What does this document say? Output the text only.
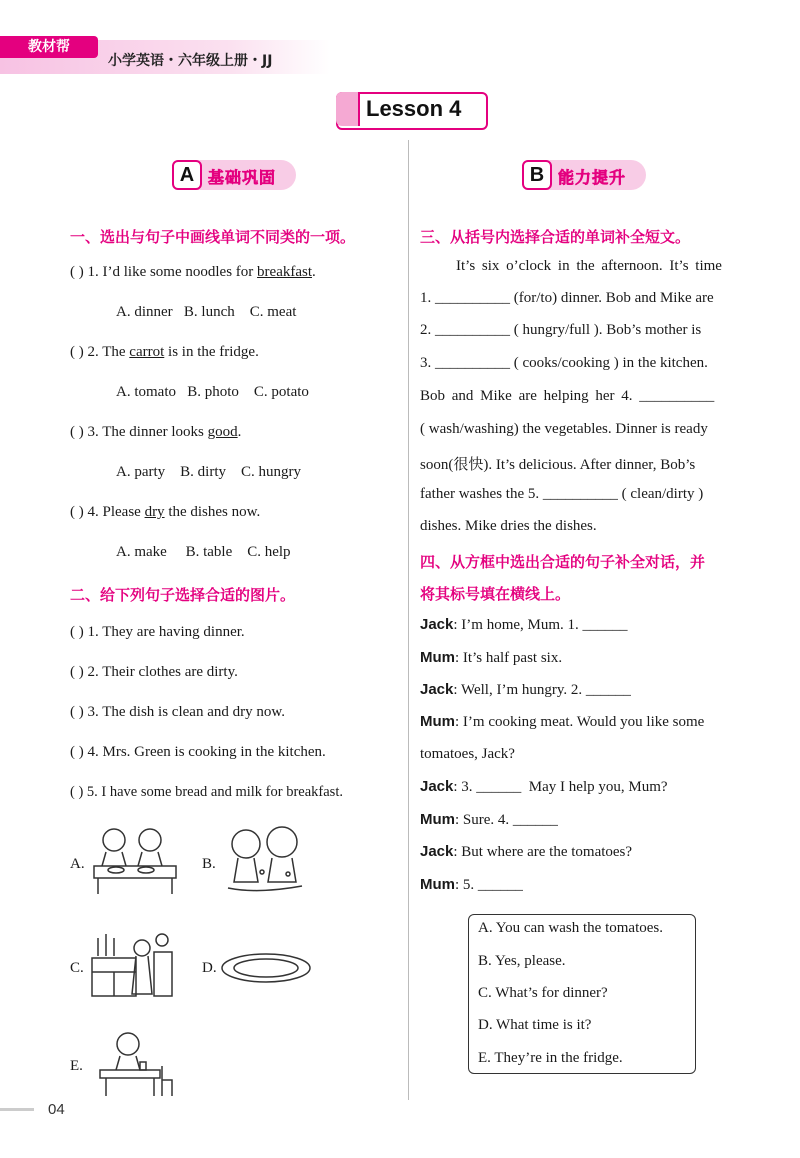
教材帮
小学英语・六年级上册・JJ
Lesson 4
A 基础巩固	B 能力提升
一、选出与句子中画线单词不同类的一项。
( ) 1. I’d like some noodles for breakfast.
A. dinner   B. lunch    C. meat
( ) 2. The carrot is in the fridge.
A. tomato   B. photo    C. potato
( ) 3. The dinner looks good.
A. party    B. dirty    C. hungry
( ) 4. Please dry the dishes now.
A. make     B. table    C. help
二、给下列句子选择合适的图片。
( ) 1. They are having dinner.
( ) 2. Their clothes are dirty.
( ) 3. The dish is clean and dry now.
( ) 4. Mrs. Green is cooking in the kitchen.
( ) 5. I have some bread and milk for breakfast.
A.	B.
C.	D.
E.
三、从括号内选择合适的单词补全短文。
It’s six o’clock in the afternoon. It’s time
1. __________ (for/to) dinner. Bob and Mike are
2. __________ ( hungry/full ). Bob’s mother is
3. __________ ( cooks/cooking ) in the kitchen.
Bob and Mike are helping her 4. __________
( wash/washing) the vegetables. Dinner is ready
soon(很快). It’s delicious. After dinner, Bob’s
father washes the 5. __________ ( clean/dirty )
dishes. Mike dries the dishes.
四、从方框中选出合适的句子补全对话，并
将其标号填在横线上。
Jack: I’m home, Mum. 1. ______
Mum: It’s half past six.
Jack: Well, I’m hungry. 2. ______
Mum: I’m cooking meat. Would you like some
tomatoes, Jack?
Jack: 3. ______  May I help you, Mum?
Mum: Sure. 4. ______
Jack: But where are the tomatoes?
Mum: 5. ______
A. You can wash the tomatoes.
B. Yes, please.
C. What’s for dinner?
D. What time is it?
E. They’re in the fridge.
04
